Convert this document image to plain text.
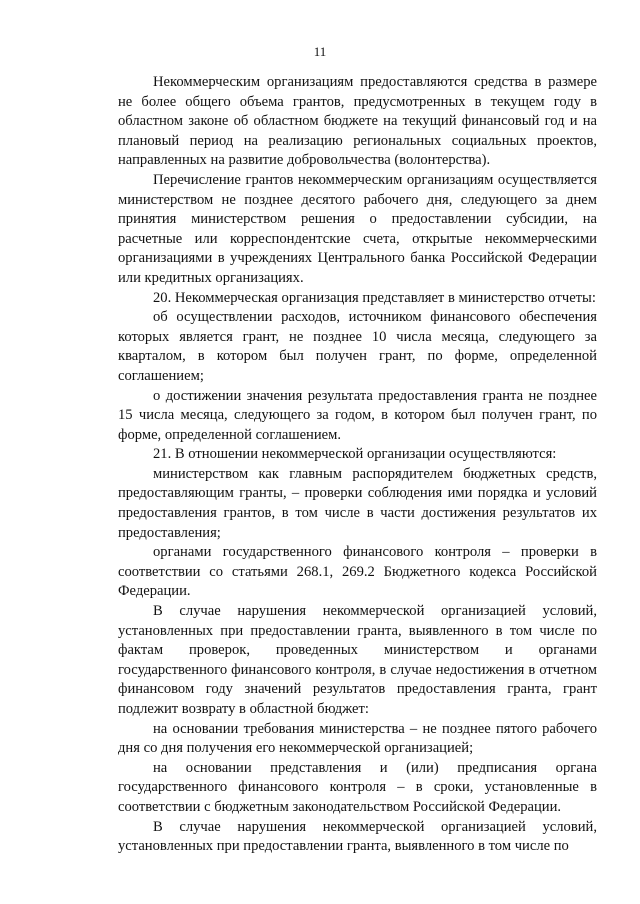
11

Некоммерческим организациям предоставляются средства в размере не более общего объема грантов, предусмотренных в текущем году в областном законе об областном бюджете на текущий финансовый год и на плановый период на реализацию региональных социальных проектов, направленных на развитие добровольчества (волонтерства).

Перечисление грантов некоммерческим организациям осуществляется министерством не позднее десятого рабочего дня, следующего за днем принятия министерством решения о предоставлении субсидии, на расчетные или корреспондентские счета, открытые некоммерческими организациями в учреждениях Центрального банка Российской Федерации или кредитных организациях.

20. Некоммерческая организация представляет в министерство отчеты:

об осуществлении расходов, источником финансового обеспечения которых является грант, не позднее 10 числа месяца, следующего за кварталом, в котором был получен грант, по форме, определенной соглашением;

о достижении значения результата предоставления гранта не позднее 15 числа месяца, следующего за годом, в котором был получен грант, по форме, определенной соглашением.

21. В отношении некоммерческой организации осуществляются:

министерством как главным распорядителем бюджетных средств, предоставляющим гранты, – проверки соблюдения ими порядка и условий предоставления грантов, в том числе в части достижения результатов их предоставления;

органами государственного финансового контроля – проверки в соответствии со статьями 268.1, 269.2 Бюджетного кодекса Российской Федерации.

В случае нарушения некоммерческой организацией условий, установленных при предоставлении гранта, выявленного в том числе по фактам проверок, проведенных министерством и органами государственного финансового контроля, в случае недостижения в отчетном финансовом году значений результатов предоставления гранта, грант подлежит возврату в областной бюджет:

на основании требования министерства – не позднее пятого рабочего дня со дня получения его некоммерческой организацией;

на основании представления и (или) предписания органа государственного финансового контроля – в сроки, установленные в соответствии с бюджетным законодательством Российской Федерации.

В случае нарушения некоммерческой организацией условий, установленных при предоставлении гранта, выявленного в том числе по
